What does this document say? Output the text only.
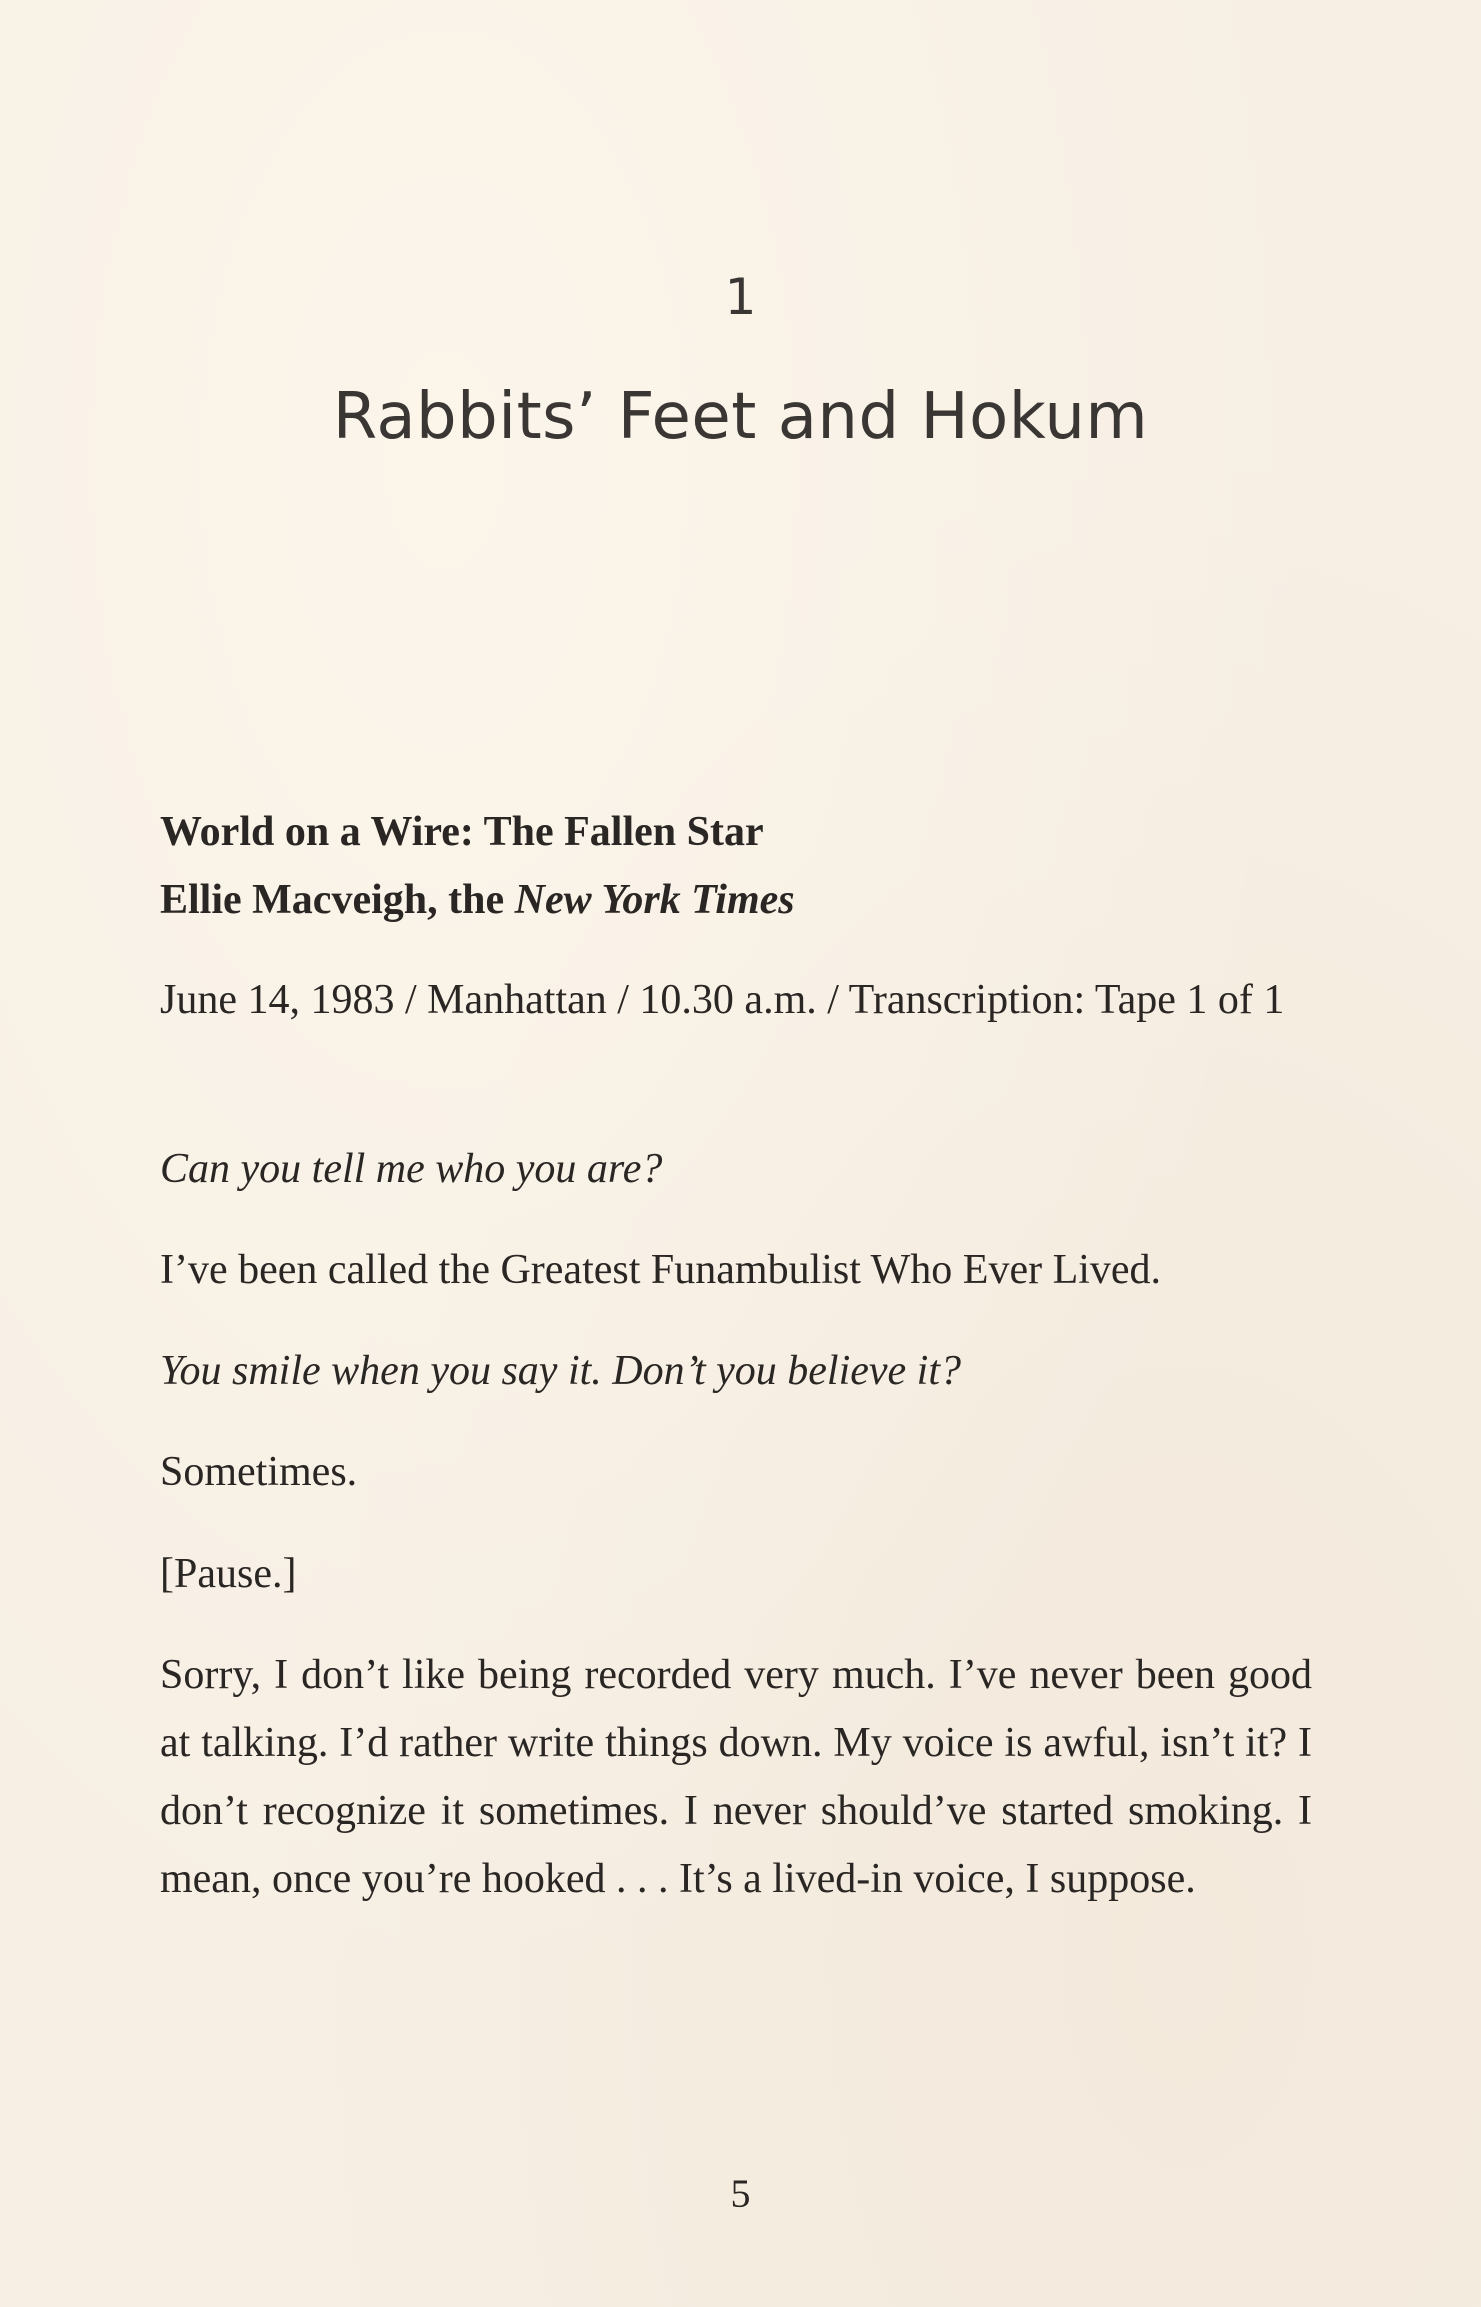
1
Rabbits’ Feet and Hokum
World on a Wire: The Fallen Star
Ellie Macveigh, the New York Times

June 14, 1983 / Manhattan / 10.30 a.m. / Transcription: Tape 1 of 1

Can you tell me who you are?

I’ve been called the Greatest Funambulist Who Ever Lived.

You smile when you say it. Don’t you believe it?

Sometimes.

[Pause.]

Sorry, I don’t like being recorded very much. I’ve never been good at talking. I’d rather write things down. My voice is awful, isn’t it? I don’t recognize it sometimes. I never should’ve started smoking. I mean, once you’re hooked . . . It’s a lived-in voice, I suppose.

5
